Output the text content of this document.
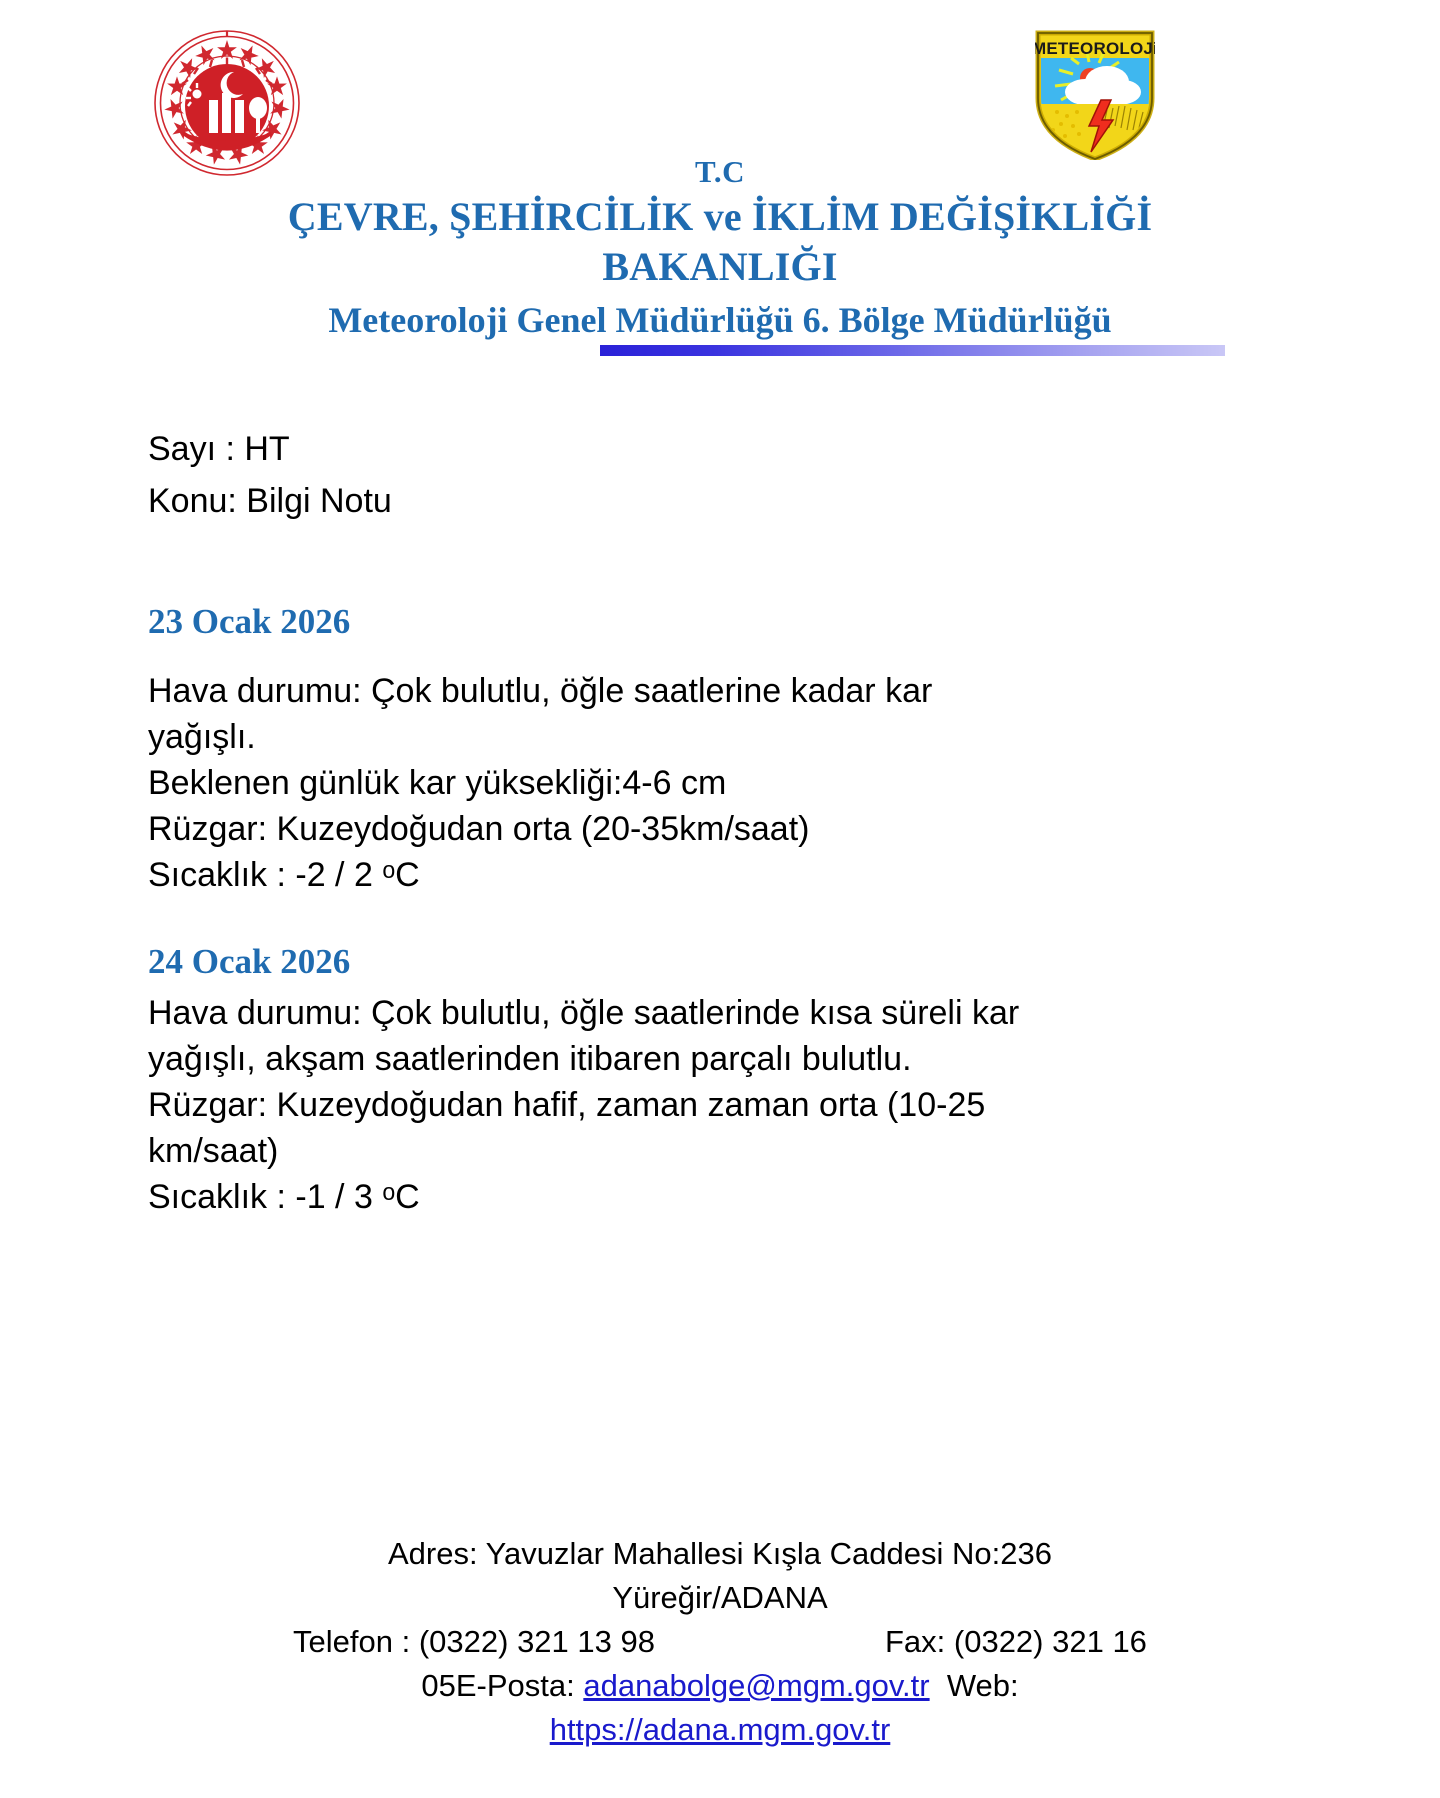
METEOROLOJi
T.C
ÇEVRE, ŞEHİRCİLİK ve İKLİM DEĞİŞİKLİĞİ
BAKANLIĞI
Meteoroloji Genel Müdürlüğü 6. Bölge Müdürlüğü
Sayı : HT
Konu: Bilgi Notu
23 Ocak 2026
Hava durumu: Çok bulutlu, öğle saatlerine kadar kar
yağışlı.
Beklenen günlük kar yüksekliği:4-6 cm
Rüzgar: Kuzeydoğudan orta (20-35km/saat)
Sıcaklık : -2 / 2 ᵒC
24 Ocak 2026
Hava durumu: Çok bulutlu, öğle saatlerinde kısa süreli kar
yağışlı, akşam saatlerinden itibaren parçalı bulutlu.
Rüzgar: Kuzeydoğudan hafif, zaman zaman orta (10-25
km/saat)
Sıcaklık : -1 / 3 ᵒC
Adres: Yavuzlar Mahallesi Kışla Caddesi No:236
Yüreğir/ADANA
Telefon : (0322) 321 13 98	Fax: (0322) 321 16
05E-Posta: adanabolge@mgm.gov.tr Web:
https://adana.mgm.gov.tr
